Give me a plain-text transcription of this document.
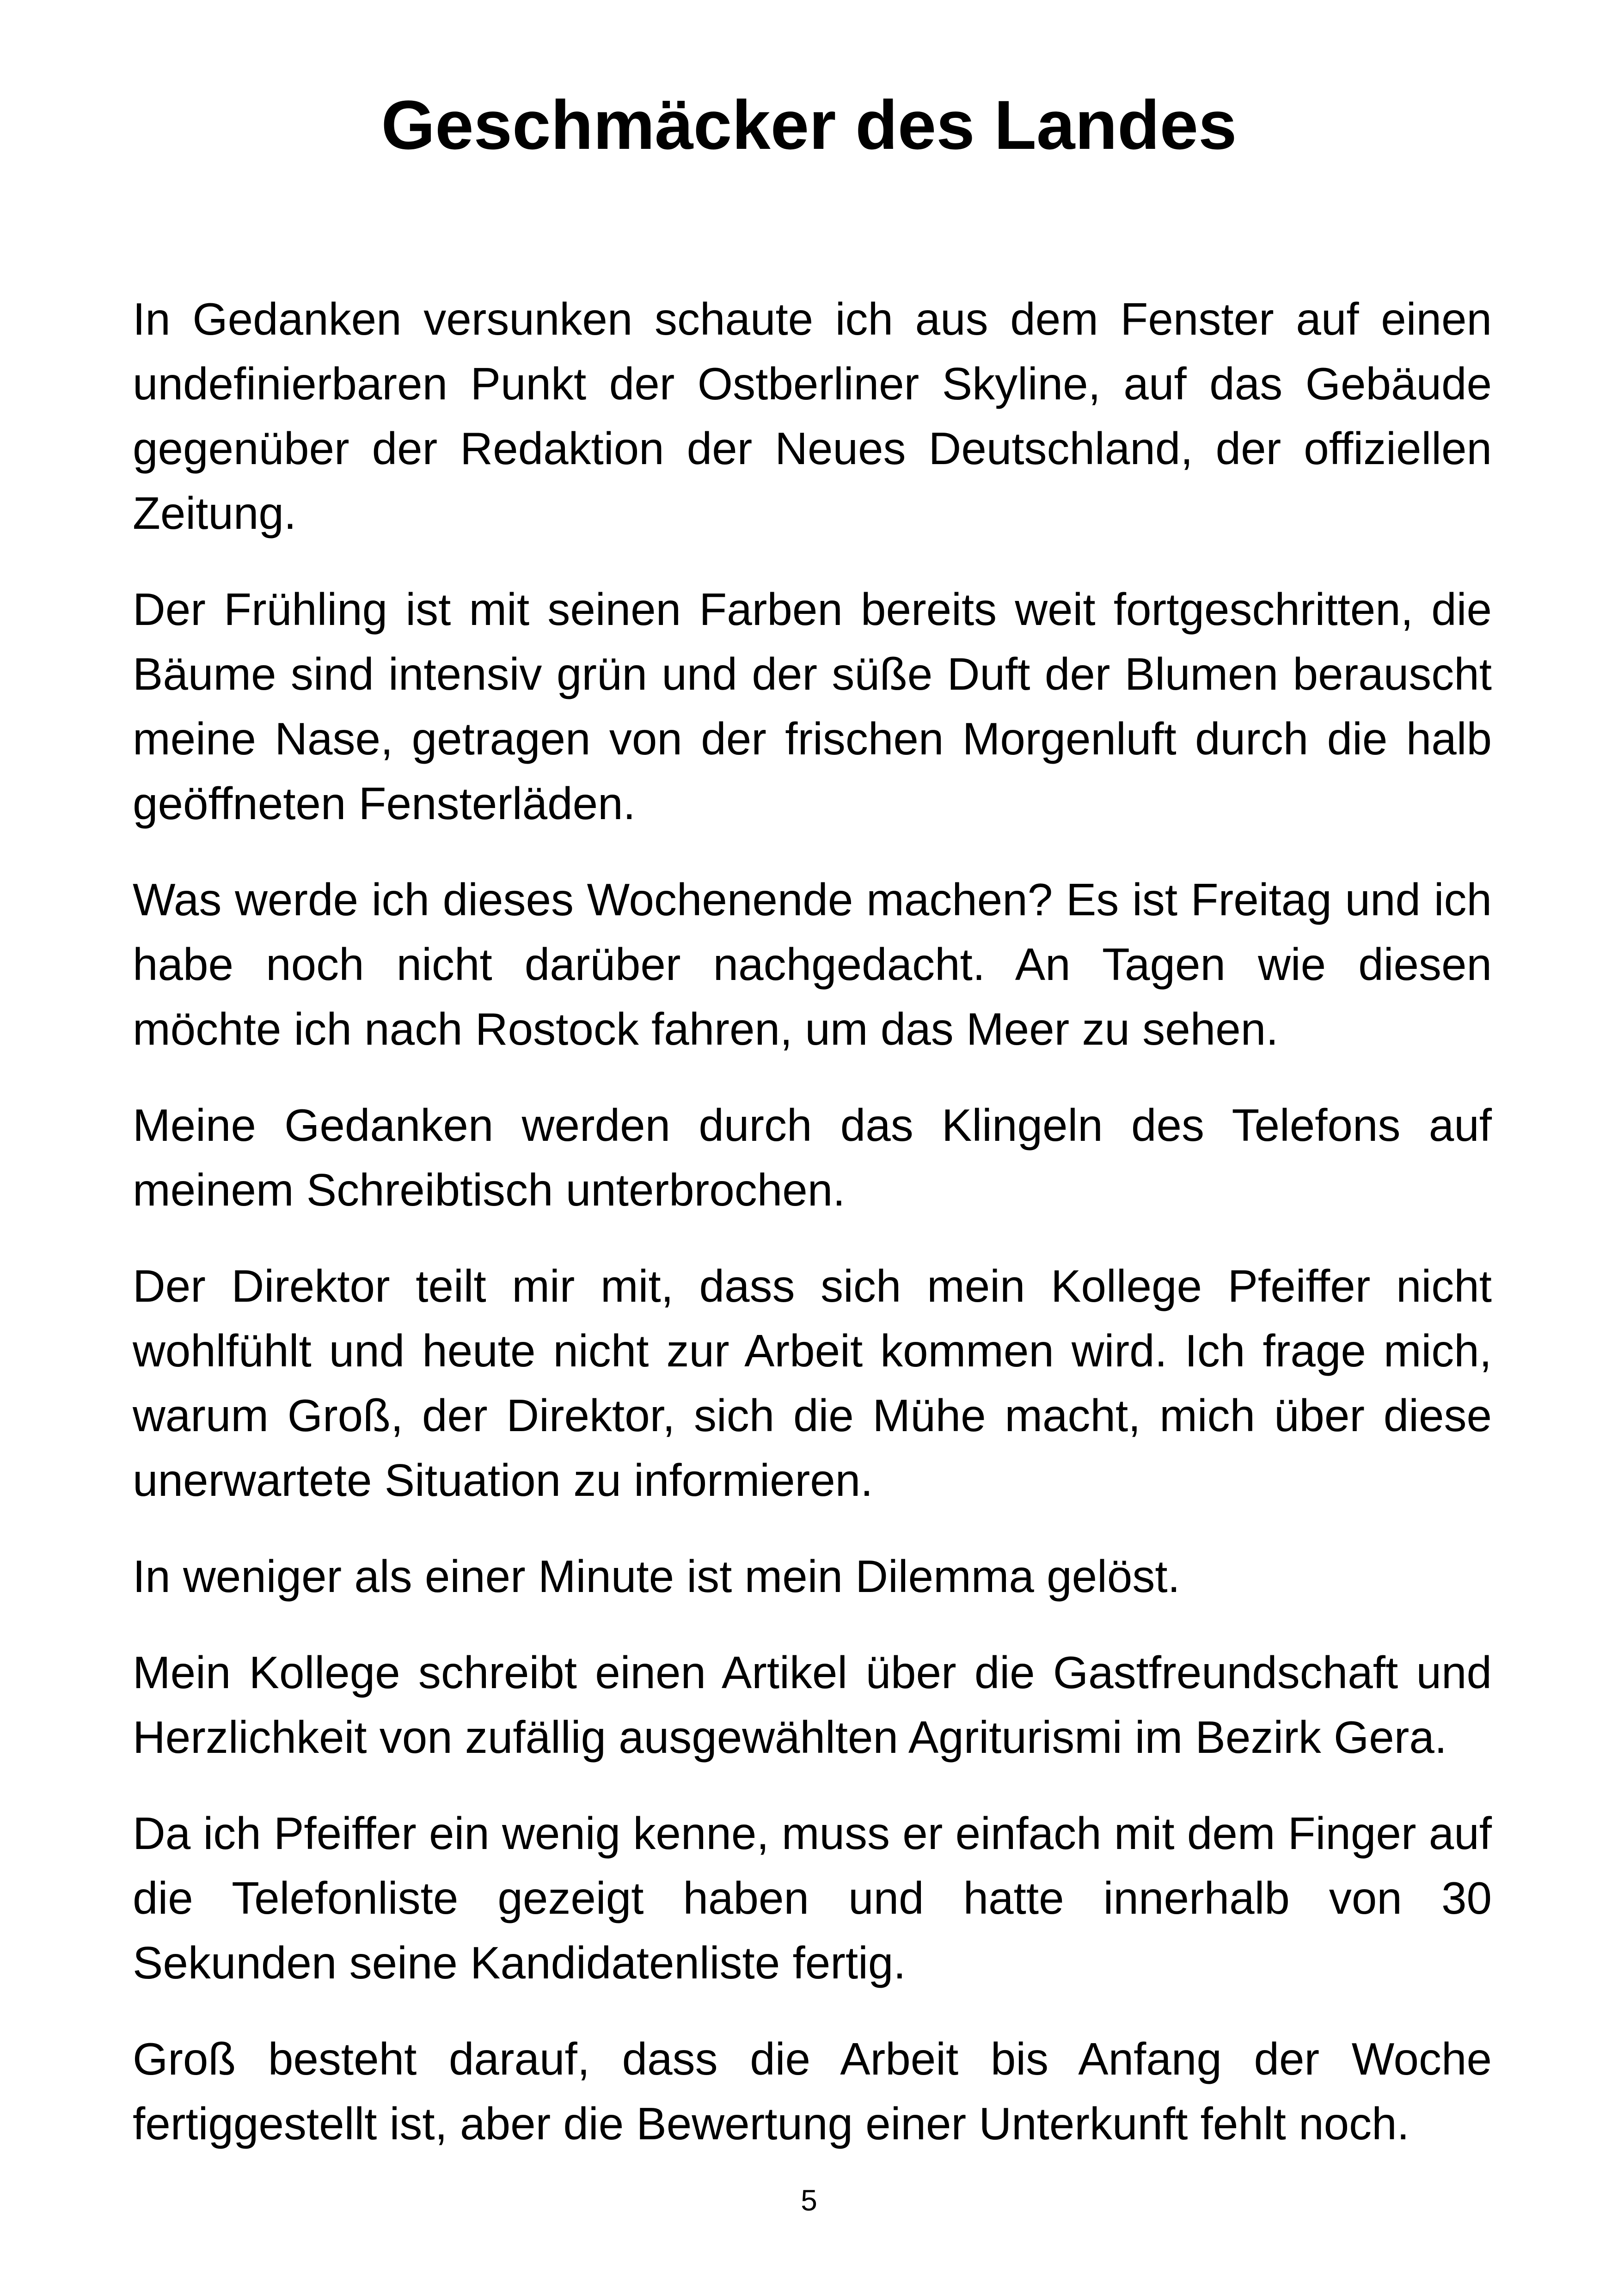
Geschmäcker des Landes

In Gedanken versunken schaute ich aus dem Fenster auf einen undefinierbaren Punkt der Ostberliner Skyline, auf das Gebäude gegenüber der Redaktion der Neues Deutschland, der offiziellen Zeitung.

Der Frühling ist mit seinen Farben bereits weit fortgeschritten, die Bäume sind intensiv grün und der süße Duft der Blumen berauscht meine Nase, getragen von der frischen Morgenluft durch die halb geöffneten Fensterläden.

Was werde ich dieses Wochenende machen? Es ist Freitag und ich habe noch nicht darüber nachgedacht. An Tagen wie diesen möchte ich nach Rostock fahren, um das Meer zu sehen.

Meine Gedanken werden durch das Klingeln des Telefons auf meinem Schreibtisch unterbrochen.

Der Direktor teilt mir mit, dass sich mein Kollege Pfeiffer nicht wohlfühlt und heute nicht zur Arbeit kommen wird. Ich frage mich, warum Groß, der Direktor, sich die Mühe macht, mich über diese unerwartete Situation zu informieren.

In weniger als einer Minute ist mein Dilemma gelöst.

Mein Kollege schreibt einen Artikel über die Gastfreundschaft und Herzlichkeit von zufällig ausgewählten Agriturismi im Bezirk Gera.

Da ich Pfeiffer ein wenig kenne, muss er einfach mit dem Finger auf die Telefonliste gezeigt haben und hatte innerhalb von 30 Sekunden seine Kandidatenliste fertig.

Groß besteht darauf, dass die Arbeit bis Anfang der Woche fertiggestellt ist, aber die Bewertung einer Unterkunft fehlt noch.

5
